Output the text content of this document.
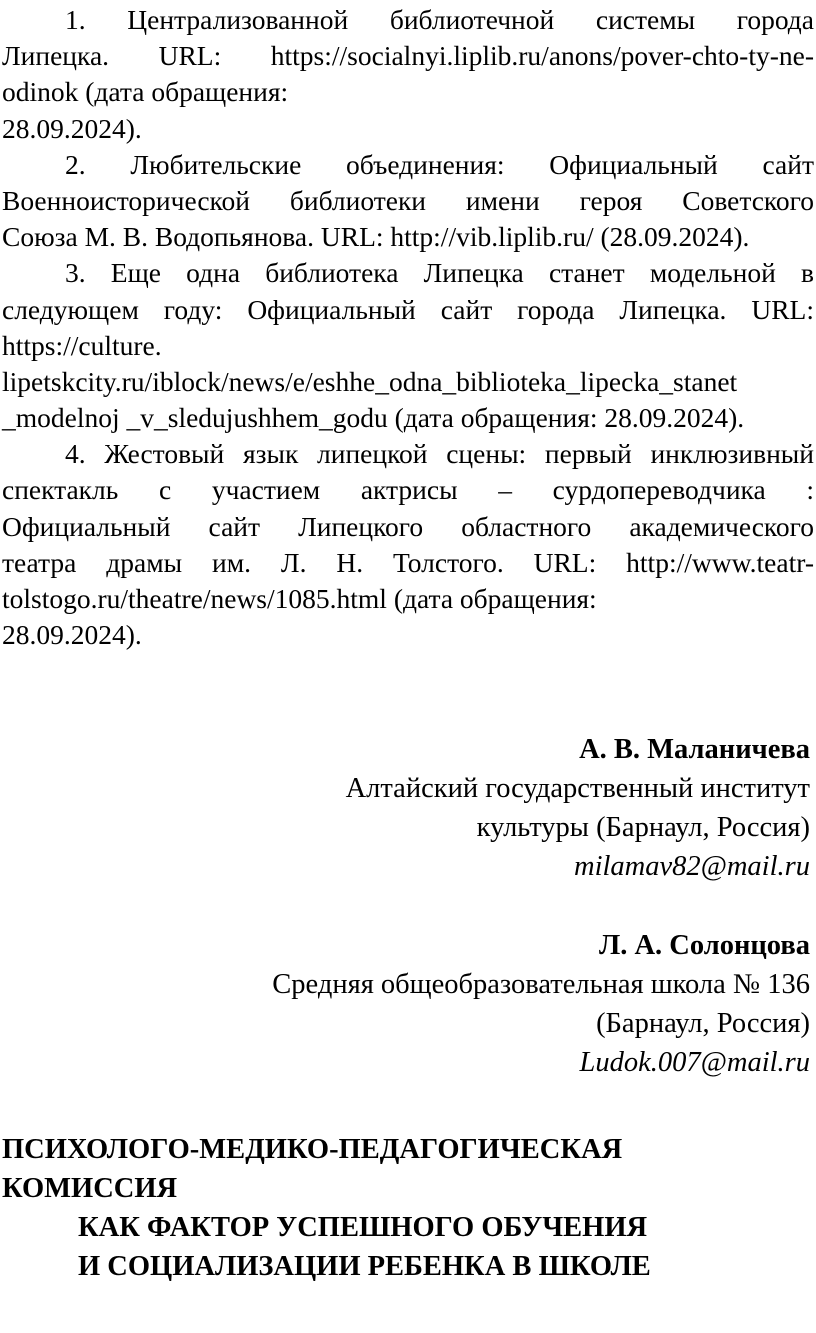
1. Централизованной библиотечной системы города
Липецка. URL: https://socialnyi.liplib.ru/anons/pover-chto-ty-ne-
odinok (дата обращения:
28.09.2024).
2. Любительские объединения: Официальный сайт
Военноисторической библиотеки имени героя Советского
Союза М. В. Водопьянова. URL: http://vib.liplib.ru/ (28.09.2024).
3. Еще одна библиотека Липецка станет модельной в
следующем году: Официальный сайт города Липецка. URL:
https://culture.
lipetskcity.ru/iblock/news/e/eshhe_odna_biblioteka_lipecka_stanet
_modelnoj _v_sledujushhem_godu (дата обращения: 28.09.2024).
4. Жестовый язык липецкой сцены: первый инклюзивный
спектакль с участием актрисы – сурдопереводчика :
Официальный сайт Липецкого областного академического
театра драмы им. Л. Н. Толстого. URL: http://www.teatr-
tolstogo.ru/theatre/news/1085.html (дата обращения:
28.09.2024).
А. В. Маланичева
Алтайский государственный институт
культуры (Барнаул, Россия)
milamav82@mail.ru
Л. А. Солонцова
Средняя общеобразовательная школа № 136
(Барнаул, Россия)
Ludok.007@mail.ru
ПСИХОЛОГО-МЕДИКО-ПЕДАГОГИЧЕСКАЯ
КОМИССИЯ
КАК ФАКТОР УСПЕШНОГО ОБУЧЕНИЯ
И СОЦИАЛИЗАЦИИ РЕБЕНКА В ШКОЛЕ
